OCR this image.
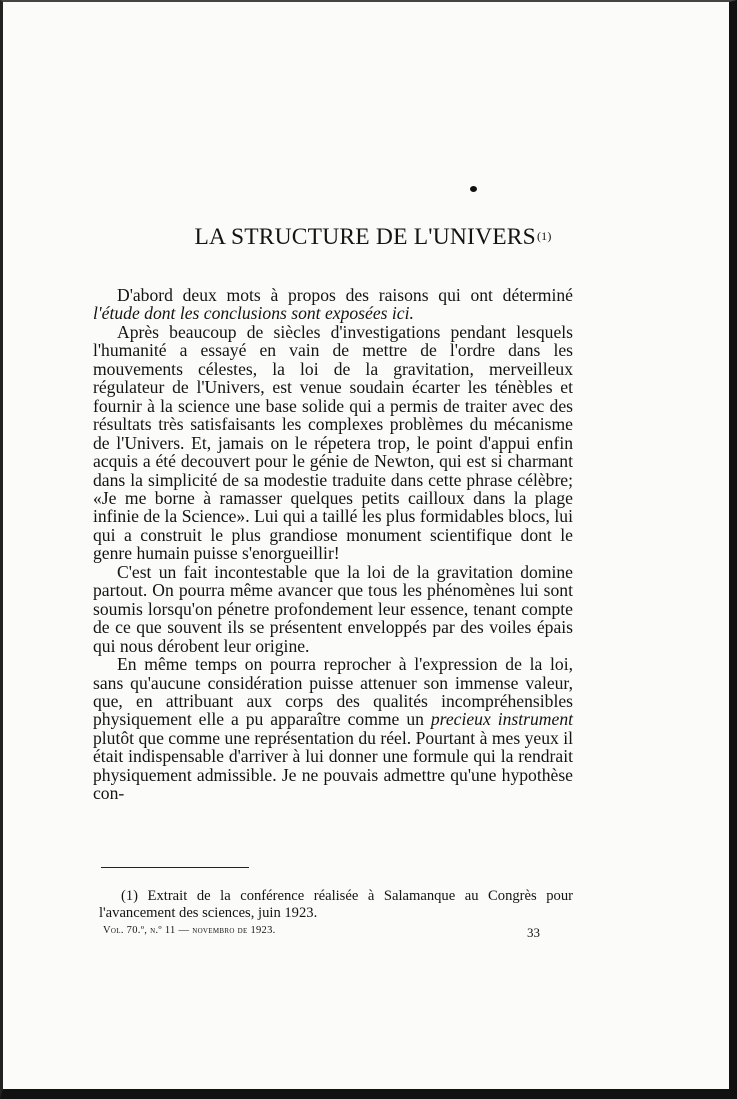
LA STRUCTURE DE L'UNIVERS(1)

D'abord deux mots à propos des raisons qui ont déterminé l'étude dont les conclusions sont exposées ici.

Après beaucoup de siècles d'investigations pendant lesquels l'humanité a essayé en vain de mettre de l'ordre dans les mouvements célestes, la loi de la gravitation, merveilleux régulateur de l'Univers, est venue soudain écarter les ténèbles et fournir à la science une base solide qui a permis de traiter avec des résultats très satisfaisants les complexes problèmes du mécanisme de l'Univers. Et, jamais on le répetera trop, le point d'appui enfin acquis a été decouvert pour le génie de Newton, qui est si charmant dans la simplicité de sa modestie traduite dans cette phrase célèbre; «Je me borne à ramasser quelques petits cailloux dans la plage infinie de la Science». Lui qui a taillé les plus formidables blocs, lui qui a construit le plus grandiose monument scientifique dont le genre humain puisse s'enorgueillir!

C'est un fait incontestable que la loi de la gravitation domine partout. On pourra même avancer que tous les phénomènes lui sont soumis lorsqu'on pénetre profondement leur essence, tenant compte de ce que souvent ils se présentent enveloppés par des voiles épais qui nous dérobent leur origine.

En même temps on pourra reprocher à l'expression de la loi, sans qu'aucune considération puisse attenuer son immense valeur, que, en attribuant aux corps des qualités incompréhensibles physiquement elle a pu apparaître comme un precieux instrument plutôt que comme une représentation du réel. Pourtant à mes yeux il était indispensable d'arriver à lui donner une formule qui la rendrait physiquement admissible. Je ne pouvais admettre qu'une hypothèse con-

(1) Extrait de la conférence réalisée à Salamanque au Congrès pour l'avancement des sciences, juin 1923.

Vol. 70.º, n.º 11 — novembro de 1923.	33
